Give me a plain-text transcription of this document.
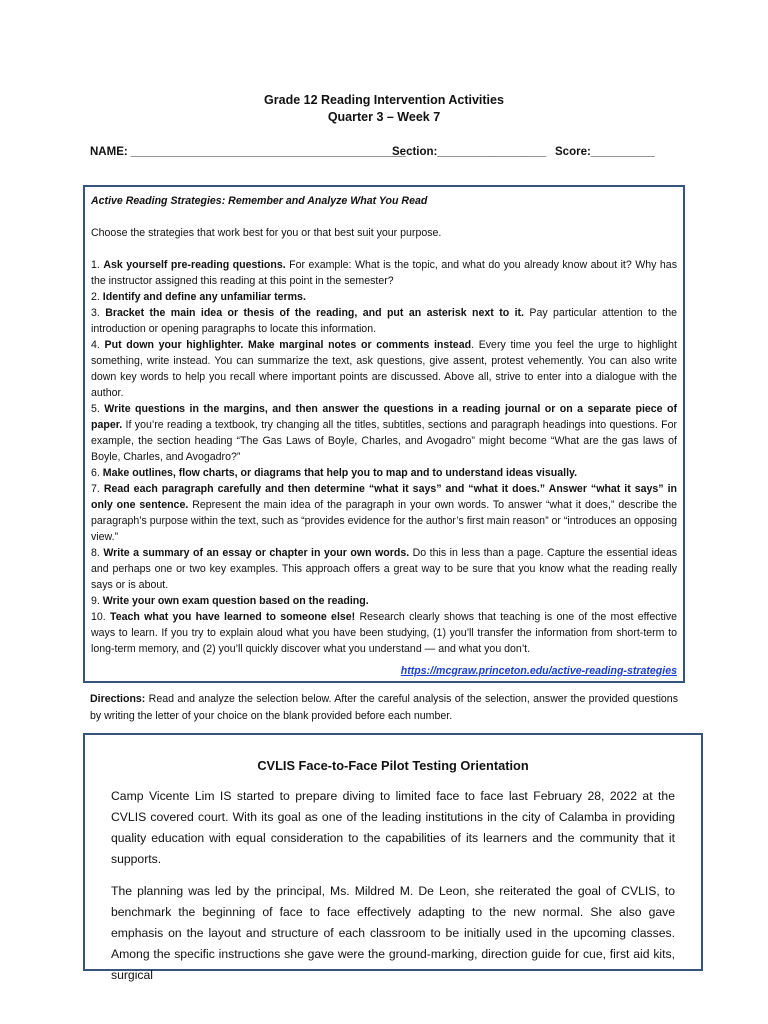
Grade 12 Reading Intervention Activities
Quarter 3 – Week 7
NAME: ___________________________________________
Section:_________________ Score:__________
Active Reading Strategies: Remember and Analyze What You Read
Choose the strategies that work best for you or that best suit your purpose.
1. Ask yourself pre-reading questions. For example: What is the topic, and what do you already know about it? Why has the instructor assigned this reading at this point in the semester?
2. Identify and define any unfamiliar terms.
3. Bracket the main idea or thesis of the reading, and put an asterisk next to it. Pay particular attention to the introduction or opening paragraphs to locate this information.
4. Put down your highlighter. Make marginal notes or comments instead. Every time you feel the urge to highlight something, write instead. You can summarize the text, ask questions, give assent, protest vehemently. You can also write down key words to help you recall where important points are discussed. Above all, strive to enter into a dialogue with the author.
5. Write questions in the margins, and then answer the questions in a reading journal or on a separate piece of paper. If you’re reading a textbook, try changing all the titles, subtitles, sections and paragraph headings into questions. For example, the section heading “The Gas Laws of Boyle, Charles, and Avogadro” might become “What are the gas laws of Boyle, Charles, and Avogadro?”
6. Make outlines, flow charts, or diagrams that help you to map and to understand ideas visually.
7. Read each paragraph carefully and then determine “what it says” and “what it does.” Answer “what it says” in only one sentence. Represent the main idea of the paragraph in your own words. To answer “what it does,” describe the paragraph’s purpose within the text, such as “provides evidence for the author’s first main reason” or “introduces an opposing view.”
8. Write a summary of an essay or chapter in your own words. Do this in less than a page. Capture the essential ideas and perhaps one or two key examples. This approach offers a great way to be sure that you know what the reading really says or is about.
9. Write your own exam question based on the reading.
10. Teach what you have learned to someone else! Research clearly shows that teaching is one of the most effective ways to learn. If you try to explain aloud what you have been studying, (1) you’ll transfer the information from short-term to long-term memory, and (2) you’ll quickly discover what you understand — and what you don’t.
https://mcgraw.princeton.edu/active-reading-strategies
Directions: Read and analyze the selection below. After the careful analysis of the selection, answer the provided questions by writing the letter of your choice on the blank provided before each number.
CVLIS Face-to-Face Pilot Testing Orientation

Camp Vicente Lim IS started to prepare diving to limited face to face last February 28, 2022 at the CVLIS covered court. With its goal as one of the leading institutions in the city of Calamba in providing quality education with equal consideration to the capabilities of its learners and the community that it supports.

The planning was led by the principal, Ms. Mildred M. De Leon, she reiterated the goal of CVLIS, to benchmark the beginning of face to face effectively adapting to the new normal. She also gave emphasis on the layout and structure of each classroom to be initially used in the upcoming classes. Among the specific instructions she gave were the ground-marking, direction guide for cue, first aid kits, surgical
